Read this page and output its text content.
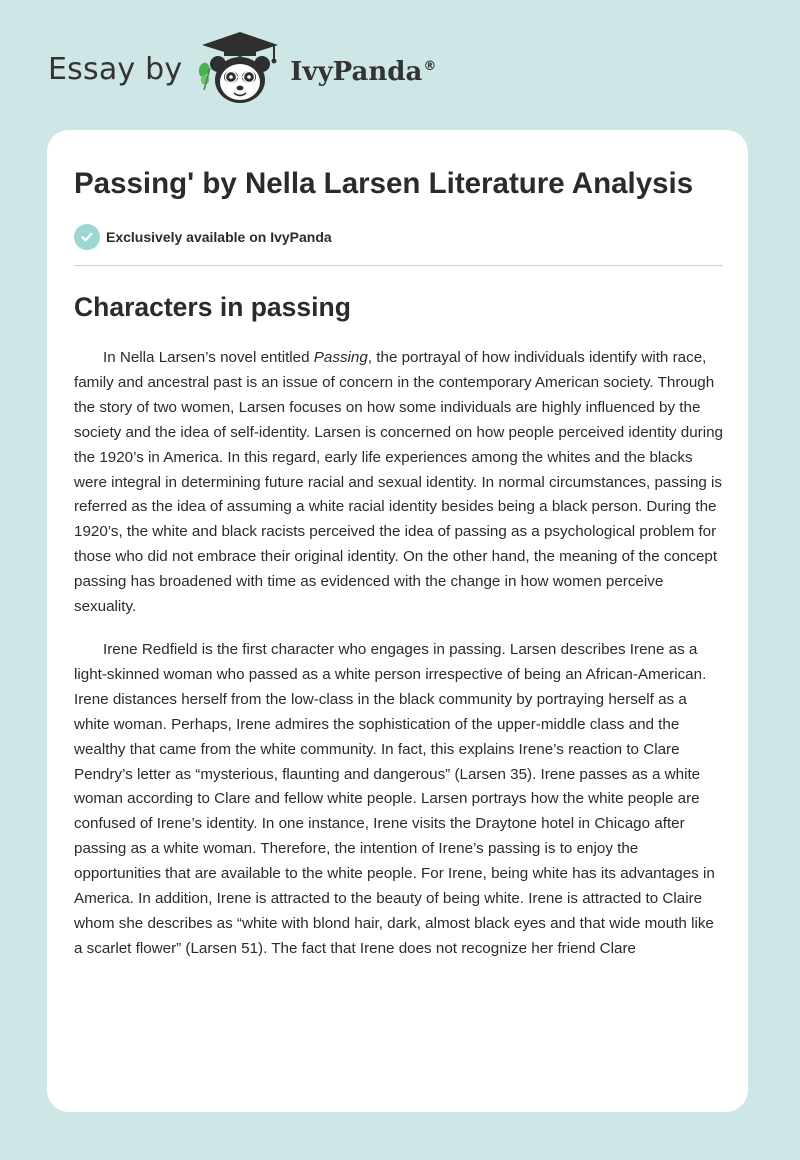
Essay by	IvyPanda®
Passing' by Nella Larsen Literature Analysis
Exclusively available on IvyPanda
Characters in passing

In Nella Larsen’s novel entitled Passing, the portrayal of how individuals identify with race, family and ancestral past is an issue of concern in the contemporary American society. Through the story of two women, Larsen focuses on how some individuals are highly influenced by the society and the idea of self-identity. Larsen is concerned on how people perceived identity during the 1920’s in America. In this regard, early life experiences among the whites and the blacks were integral in determining future racial and sexual identity. In normal circumstances, passing is referred as the idea of assuming a white racial identity besides being a black person. During the 1920’s, the white and black racists perceived the idea of passing as a psychological problem for those who did not embrace their original identity. On the other hand, the meaning of the concept passing has broadened with time as evidenced with the change in how women perceive sexuality.

Irene Redfield is the first character who engages in passing. Larsen describes Irene as a light-skinned woman who passed as a white person irrespective of being an African-American. Irene distances herself from the low-class in the black community by portraying herself as a white woman. Perhaps, Irene admires the sophistication of the upper-middle class and the wealthy that came from the white community. In fact, this explains Irene’s reaction to Clare Pendry’s letter as “mysterious, flaunting and dangerous” (Larsen 35). Irene passes as a white woman according to Clare and fellow white people. Larsen portrays how the white people are confused of Irene’s identity. In one instance, Irene visits the Draytone hotel in Chicago after passing as a white woman. Therefore, the intention of Irene’s passing is to enjoy the opportunities that are available to the white people. For Irene, being white has its advantages in America. In addition, Irene is attracted to the beauty of being white. Irene is attracted to Claire whom she describes as “white with blond hair, dark, almost black eyes and that wide mouth like a scarlet flower” (Larsen 51). The fact that Irene does not recognize her friend Clare
